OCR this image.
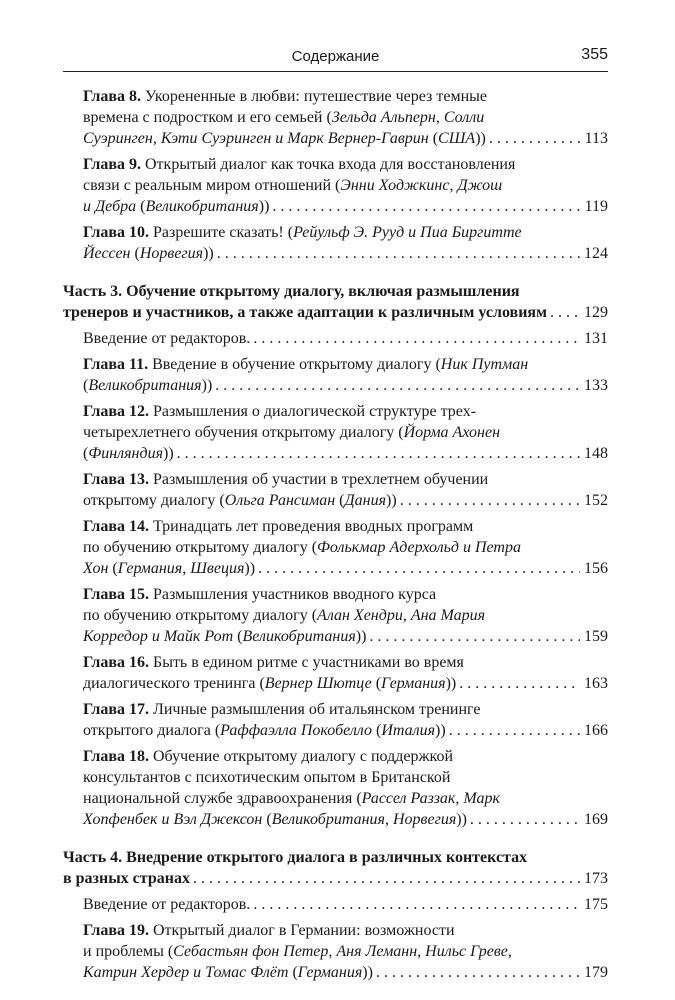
Содержание	355
Глава 8. Укорененные в любви: путешествие через темные
времена с подростком и его семьей (Зельда Альперн, Солли
Суэринген, Кэти Суэринген и Марк Вернер-Гаврин (США)) . . .	113
Глава 9. Открытый диалог как точка входа для восстановления
связи с реальным миром отношений (Энни Ходжкинс, Джош
и Дебра (Великобритания)) . . .	119
Глава 10. Разрешите сказать! (Рейульф Э. Рууд и Пиа Биргитте
Йессен (Норвегия)) . . .	124
Часть 3. Обучение открытому диалогу, включая размышления
тренеров и участников, а также адаптации к различным условиям . . . 129
Введение от редакторов. . . .	131
Глава 11. Введение в обучение открытому диалогу (Ник Путман
(Великобритания)) . . .	133
Глава 12. Размышления о диалогической структуре трех-
четырехлетнего обучения открытому диалогу (Йорма Ахонен
(Финляндия)) . . .	148
Глава 13. Размышления об участии в трехлетнем обучении
открытому диалогу (Ольга Рансиман (Дания)) . . .	152
Глава 14. Тринадцать лет проведения вводных программ
по обучению открытому диалогу (Фолькмар Адерхольд и Петра
Хон (Германия, Швеция)) . . .	156
Глава 15. Размышления участников вводного курса
по обучению открытому диалогу (Алан Хендри, Ана Мария
Корредор и Майк Рот (Великобритания)) . . .	159
Глава 16. Быть в едином ритме с участниками во время
диалогического тренинга (Вернер Шютце (Германия)) . . .	163
Глава 17. Личные размышления об итальянском тренинге
открытого диалога (Раффаэлла Покобелло (Италия)) . . .	166
Глава 18. Обучение открытому диалогу с поддержкой
консультантов с психотическим опытом в Британской
национальной службе здравоохранения (Рассел Раззак, Марк
Хопфенбек и Вэл Джексон (Великобритания, Норвегия)) . . .	169
Часть 4. Внедрение открытого диалога в различных контекстах
в разных странах . . .	173
Введение от редакторов. . . .	175
Глава 19. Открытый диалог в Германии: возможности
и проблемы (Себастьян фон Петер, Аня Леманн, Нильс Греве,
Катрин Хердер и Томас Флёт (Германия)) . . .	179
